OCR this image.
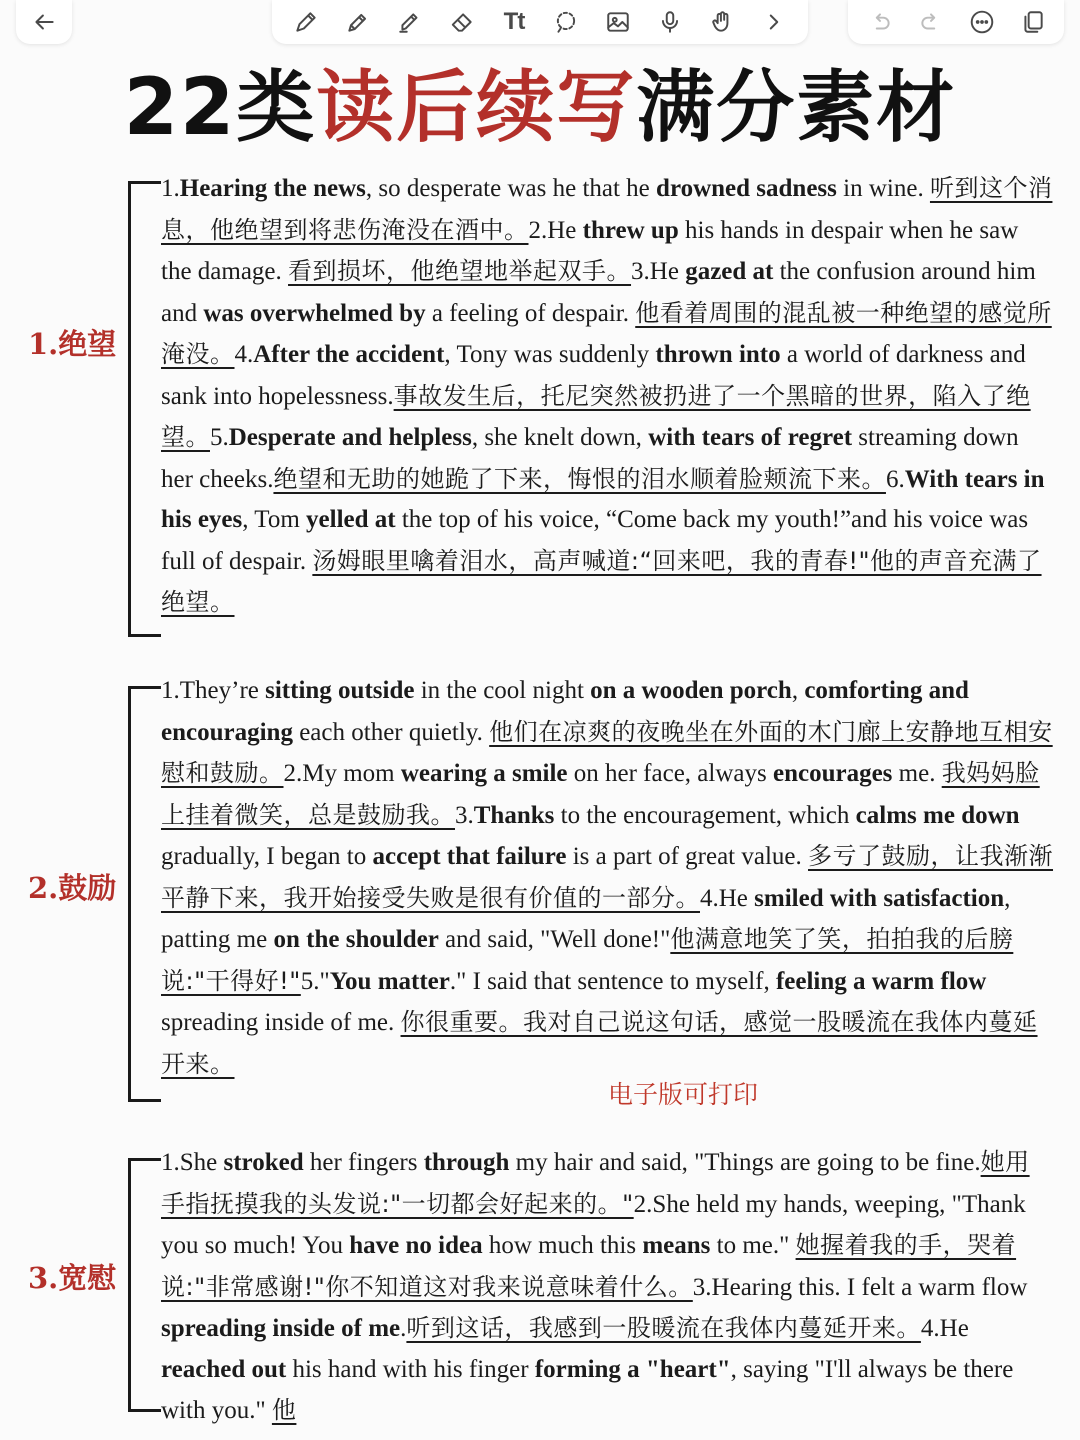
Tt
22类读后续写满分素材
1.绝望

1.Hearing the news, so desperate was he that he drowned sadness in wine. 听到这个消息，他绝望到将悲伤淹没在酒中。2.He threw up his hands in despair when he saw the damage. 看到损坏，他绝望地举起双手。3.He gazed at the confusion around him and was overwhelmed by a feeling of despair. 他看着周围的混乱被一种绝望的感觉所淹没。4.After the accident, Tony was suddenly thrown into a world of darkness and sank into hopelessness.事故发生后，托尼突然被扔进了一个黑暗的世界，陷入了绝望。5.Desperate and helpless, she knelt down, with tears of regret streaming down her cheeks.绝望和无助的她跪了下来，悔恨的泪水顺着脸颊流下来。6.With tears in his eyes, Tom yelled at the top of his voice, “Come back my youth!”and his voice was full of despair. 汤姆眼里噙着泪水，高声喊道:“回来吧，我的青春!"他的声音充满了绝望。

2.鼓励

1.They’re sitting outside in the cool night on a wooden porch, comforting and encouraging each other quietly. 他们在凉爽的夜晚坐在外面的木门廊上安静地互相安慰和鼓励。2.My mom wearing a smile on her face, always encourages me. 我妈妈脸上挂着微笑，总是鼓励我。3.Thanks to the encouragement, which calms me down gradually, I began to accept that failure is a part of great value. 多亏了鼓励，让我渐渐平静下来，我开始接受失败是很有价值的一部分。4.He smiled with satisfaction, patting me on the shoulder and said, "Well done!"他满意地笑了笑，拍拍我的后膀说:"干得好!"5."You matter." I said that sentence to myself, feeling a warm flow spreading inside of me. 你很重要。我对自己说这句话，感觉一股暖流在我体内蔓延开来。

电子版可打印
3.宽慰

1.She stroked her fingers through my hair and said, "Things are going to be fine.她用手指抚摸我的头发说:"一切都会好起来的。"2.She held my hands, weeping, "Thank you so much! You have no idea how much this means to me." 她握着我的手，哭着说:"非常感谢!"你不知道这对我来说意味着什么。3.Hearing this. I felt a warm flow spreading inside of me.听到这话，我感到一股暖流在我体内蔓延开来。4.He reached out his hand with his finger forming a "heart", saying "I'll always be there with you." 他
